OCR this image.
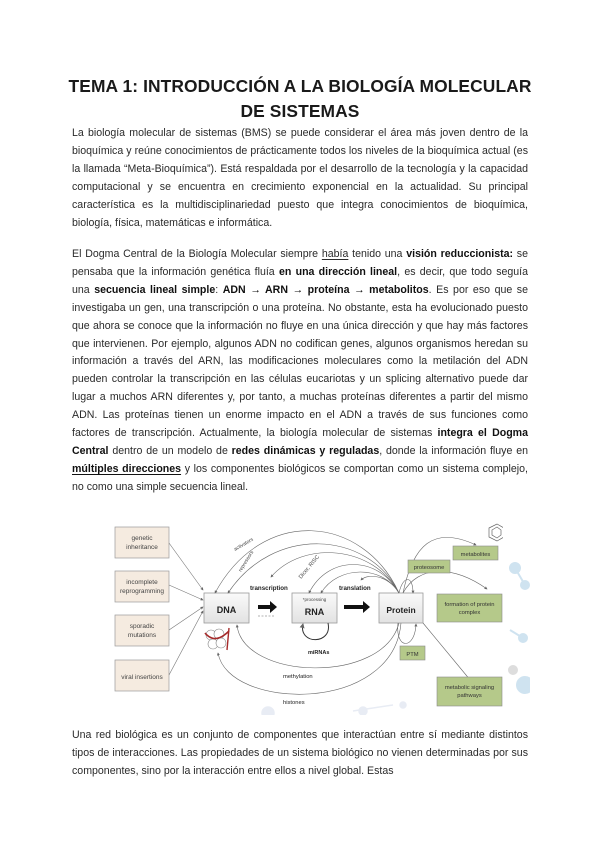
TEMA 1: INTRODUCCIÓN A LA BIOLOGÍA MOLECULAR
DE SISTEMAS
La biología molecular de sistemas (BMS) se puede considerar el área más joven dentro de la bioquímica y reúne conocimientos de prácticamente todos los niveles de la bioquímica actual (es la llamada “Meta-Bioquímica”). Está respaldada por el desarrollo de la tecnología y la capacidad computacional y se encuentra en crecimiento exponencial en la actualidad. Su principal característica es la multidisciplinariedad puesto que integra conocimientos de bioquímica, biología, física, matemáticas e informática.
El Dogma Central de la Biología Molecular siempre había tenido una visión reduccionista: se pensaba que la información genética fluía en una dirección lineal, es decir, que todo seguía una secuencia lineal simple: ADN → ARN → proteína → metabolitos. Es por eso que se investigaba un gen, una transcripción o una proteína. No obstante, esta ha evolucionado puesto que ahora se conoce que la información no fluye en una única dirección y que hay más factores que intervienen. Por ejemplo, algunos ADN no codifican genes, algunos organismos heredan su información a través del ARN, las modificaciones moleculares como la metilación del ADN pueden controlar la transcripción en las células eucariotas y un splicing alternativo puede dar lugar a muchos ARN diferentes y, por tanto, a muchas proteínas diferentes a partir del mismo ADN. Las proteínas tienen un enorme impacto en el ADN a través de sus funciones como factores de transcripción. Actualmente, la biología molecular de sistemas integra el Dogma Central dentro de un modelo de redes dinámicas y reguladas, donde la información fluye en múltiples direcciones y los componentes biológicos se comportan como un sistema complejo, no como una simple secuencia lineal.
genetic
inheritance
incomplete
reprogramming
sporadic
mutations
viral insertions
DNA
*processing
RNA	Protein
transcription	translation
activators
repressors	Dicer, RISC
miRNAs
methylation
histones
proteosome
metabolites
formation of protein
complex
PTM
metabolic signaling
pathways
Una red biológica es un conjunto de componentes que interactúan entre sí mediante distintos tipos de interacciones. Las propiedades de un sistema biológico no vienen determinadas por sus componentes, sino por la interacción entre ellos a nivel global. Estas
